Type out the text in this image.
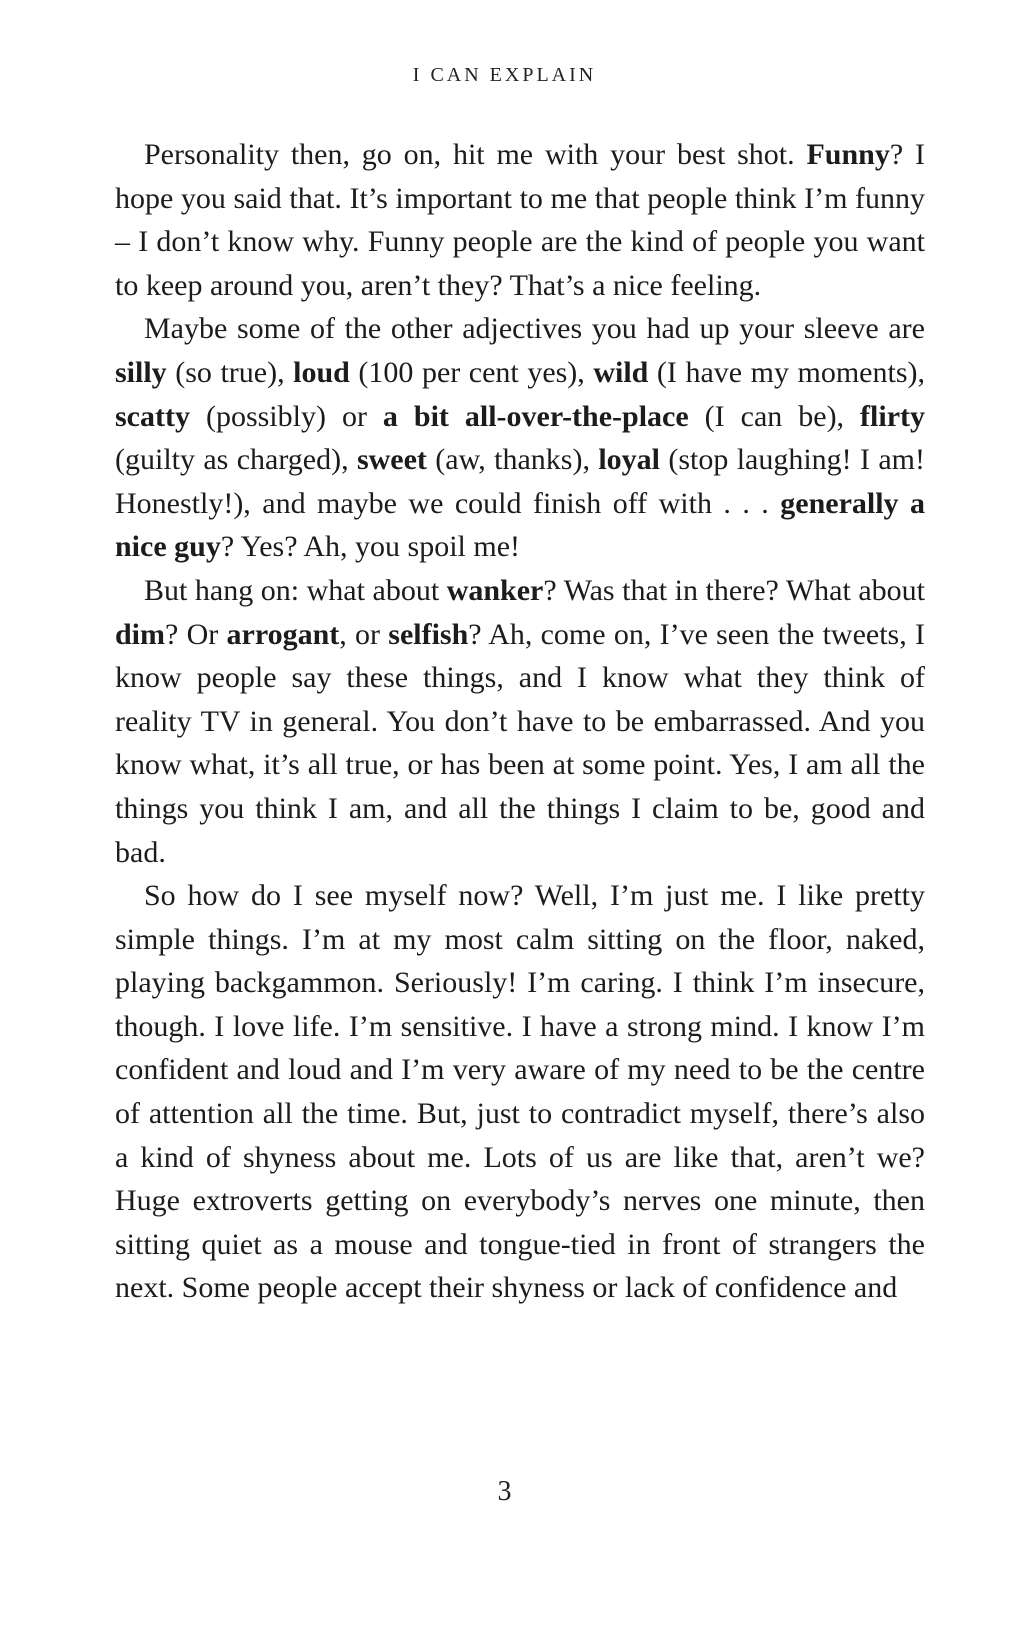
I CAN EXPLAIN

Personality then, go on, hit me with your best shot. Funny? I hope you said that. It’s important to me that people think I’m funny – I don’t know why. Funny people are the kind of people you want to keep around you, aren’t they? That’s a nice feeling.

Maybe some of the other adjectives you had up your sleeve are silly (so true), loud (100 per cent yes), wild (I have my moments), scatty (possibly) or a bit all-over-the-place (I can be), flirty (guilty as charged), sweet (aw, thanks), loyal (stop laughing! I am! Honestly!), and maybe we could finish off with . . . generally a nice guy? Yes? Ah, you spoil me!

But hang on: what about wanker? Was that in there? What about dim? Or arrogant, or selfish? Ah, come on, I’ve seen the tweets, I know people say these things, and I know what they think of reality TV in general. You don’t have to be embarrassed. And you know what, it’s all true, or has been at some point. Yes, I am all the things you think I am, and all the things I claim to be, good and bad.

So how do I see myself now? Well, I’m just me. I like pretty simple things. I’m at my most calm sitting on the floor, naked, playing backgammon. Seriously! I’m caring. I think I’m insecure, though. I love life. I’m sensitive. I have a strong mind. I know I’m confident and loud and I’m very aware of my need to be the centre of attention all the time. But, just to contradict myself, there’s also a kind of shyness about me. Lots of us are like that, aren’t we? Huge extroverts getting on everybody’s nerves one minute, then sitting quiet as a mouse and tongue-tied in front of strangers the next. Some people accept their shyness or lack of confidence and

3
